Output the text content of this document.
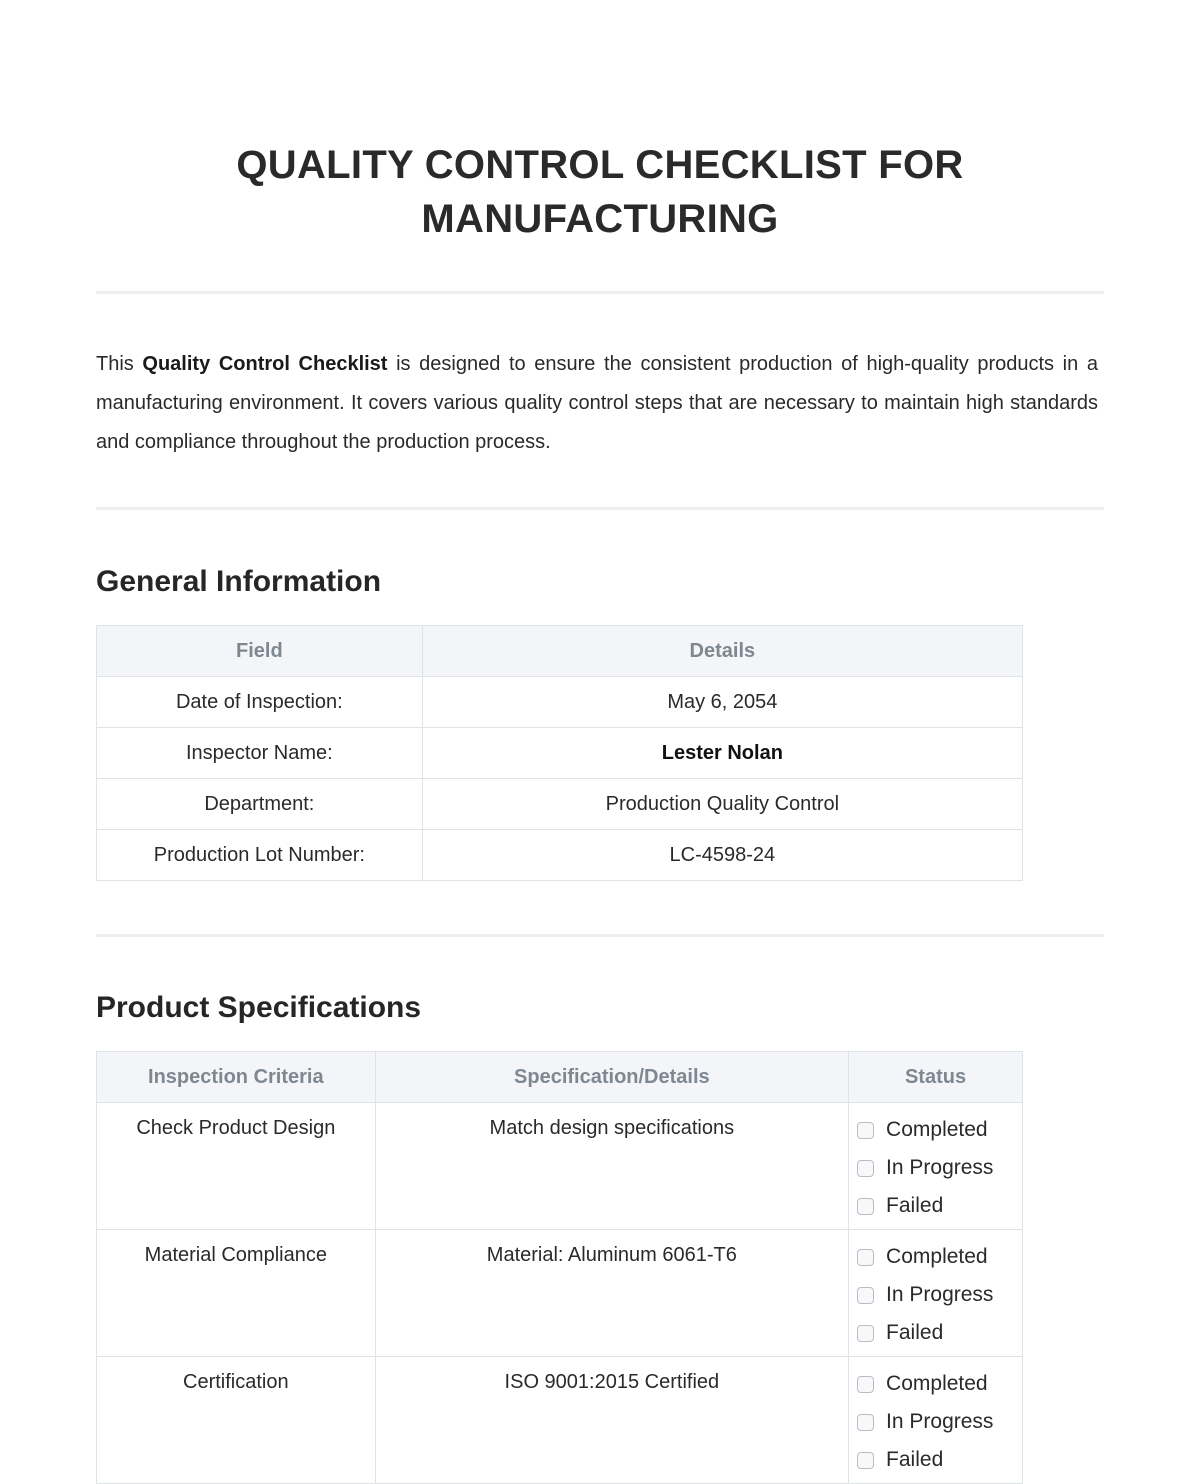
QUALITY CONTROL CHECKLIST FOR MANUFACTURING

This Quality Control Checklist is designed to ensure the consistent production of high-quality products in a manufacturing environment. It covers various quality control steps that are necessary to maintain high standards and compliance throughout the production process.

General Information
Field	Details
Date of Inspection:	May 6, 2054
Inspector Name:	Lester Nolan
Department:	Production Quality Control
Production Lot Number:	LC-4598-24
Product Specifications
Inspection Criteria	Specification/Details	Status
Check Product Design	Match design specifications	Completed
In Progress
Failed

Material Compliance	Material: Aluminum 6061-T6	Completed
In Progress
Failed

Certification	ISO 9001:2015 Certified	Completed
In Progress
Failed
